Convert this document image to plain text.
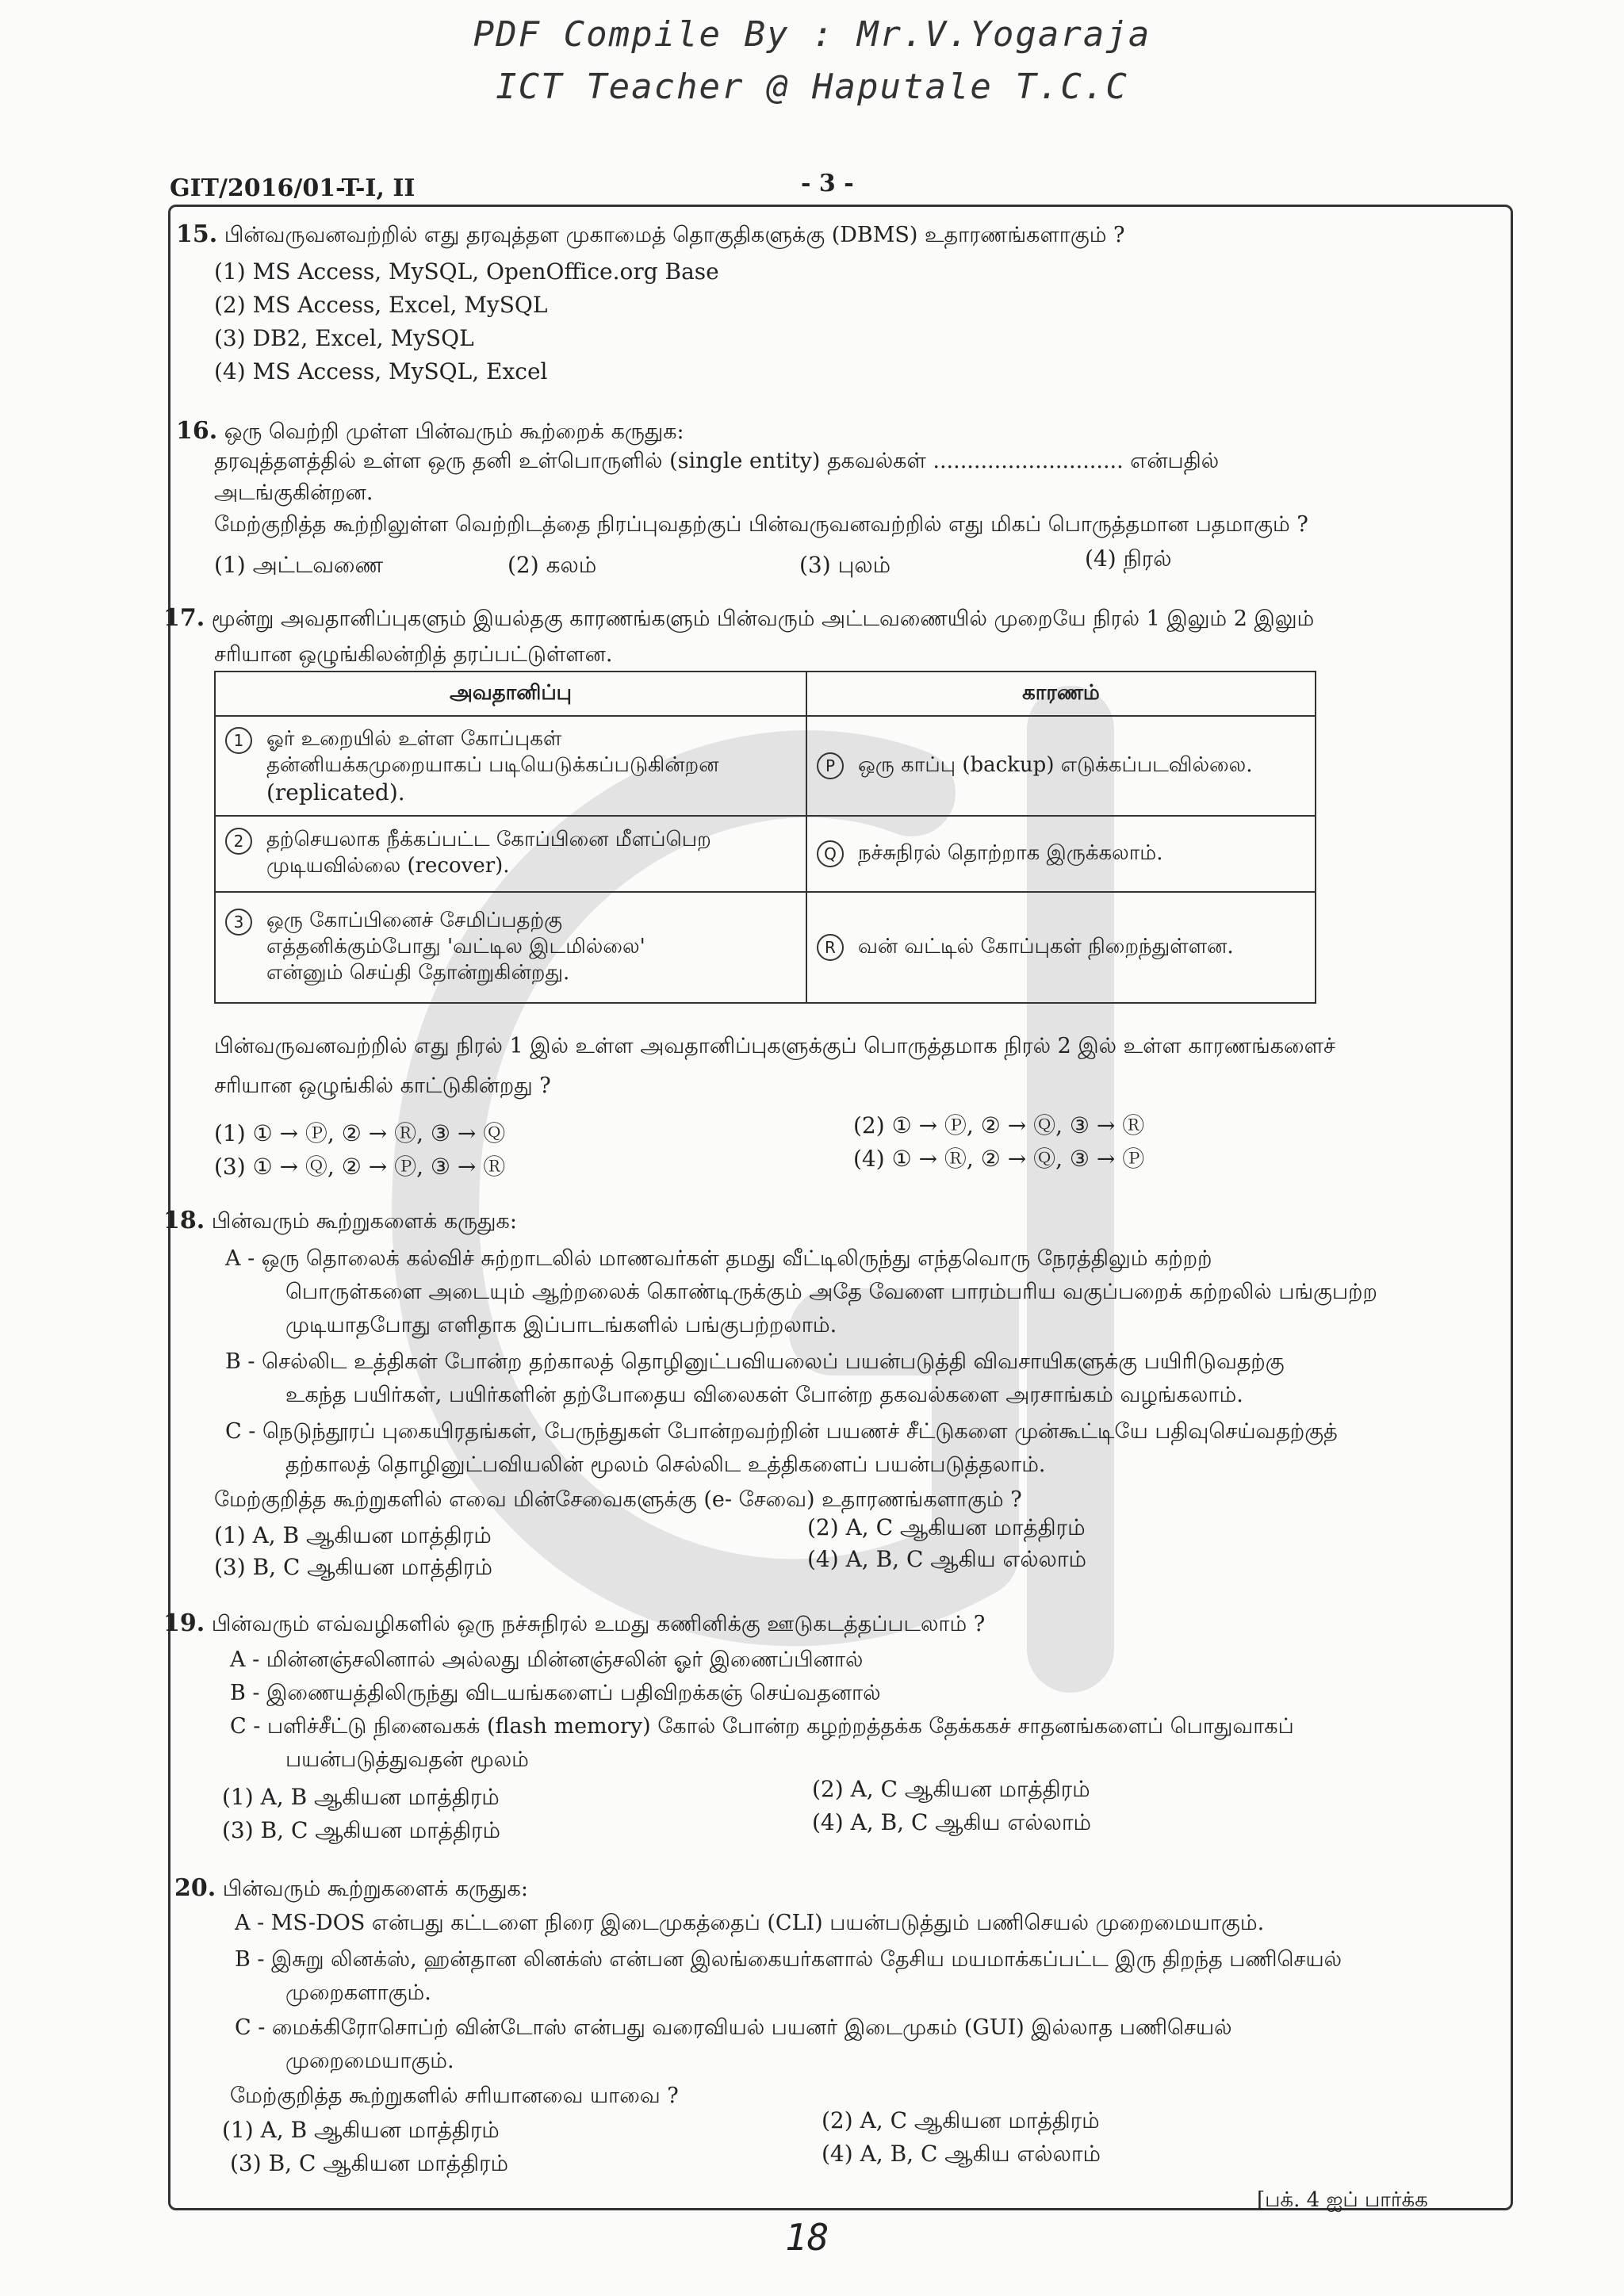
PDF Compile By : Mr.V.Yogaraja
ICT Teacher @ Haputale T.C.C
GIT/2016/01-T-I, II	- 3 -
15. பின்வருவனவற்றில் எது தரவுத்தள முகாமைத் தொகுதிகளுக்கு (DBMS) உதாரணங்களாகும் ?
(1) MS Access, MySQL, OpenOffice.org Base
(2) MS Access, Excel, MySQL
(3) DB2, Excel, MySQL
(4) MS Access, MySQL, Excel
16. ஒரு வெற்றி முள்ள பின்வரும் கூற்றைக் கருதுக:
தரவுத்தளத்தில் உள்ள ஒரு தனி உள்பொருளில் (single entity) தகவல்கள் ............................ என்பதில்
அடங்குகின்றன.
மேற்குறித்த கூற்றிலுள்ள வெற்றிடத்தை நிரப்புவதற்குப் பின்வருவனவற்றில் எது மிகப் பொருத்தமான பதமாகும் ?
(1) அட்டவணை	(2) கலம்	(3) புலம்	(4) நிரல்
17. மூன்று அவதானிப்புகளும் இயல்தகு காரணங்களும் பின்வரும் அட்டவணையில் முறையே நிரல் 1 இலும் 2 இலும்
சரியான ஒழுங்கிலன்றித் தரப்பட்டுள்ளன.
அவதானிப்பு	காரணம்

1 ஓர் உறையில் உள்ள கோப்புகள்
தன்னியக்கமுறையாகப் படியெடுக்கப்படுகின்றன
(replicated).	P ஒரு காப்பு (backup) எடுக்கப்படவில்லை.

2 தற்செயலாக நீக்கப்பட்ட கோப்பினை மீளப்பெற
முடியவில்லை (recover).	Q நச்சுநிரல் தொற்றாக இருக்கலாம்.

3 ஒரு கோப்பினைச் சேமிப்பதற்கு
எத்தனிக்கும்போது 'வட்டில இடமில்லை'
என்னும் செய்தி தோன்றுகின்றது.	R வன் வட்டில் கோப்புகள் நிறைந்துள்ளன.
பின்வருவனவற்றில் எது நிரல் 1 இல் உள்ள அவதானிப்புகளுக்குப் பொருத்தமாக நிரல் 2 இல் உள்ள காரணங்களைச்
சரியான ஒழுங்கில் காட்டுகின்றது ?
(1) ① → Ⓟ, ② → Ⓡ, ③ → Ⓠ	(2) ① → Ⓟ, ② → Ⓠ, ③ → Ⓡ
(3) ① → Ⓠ, ② → Ⓟ, ③ → Ⓡ	(4) ① → Ⓡ, ② → Ⓠ, ③ → Ⓟ
18. பின்வரும் கூற்றுகளைக் கருதுக:
A - ஒரு தொலைக் கல்விச் சுற்றாடலில் மாணவர்கள் தமது வீட்டிலிருந்து எந்தவொரு நேரத்திலும் கற்றற்
பொருள்களை அடையும் ஆற்றலைக் கொண்டிருக்கும் அதே வேளை பாரம்பரிய வகுப்பறைக் கற்றலில் பங்குபற்ற
முடியாதபோது எளிதாக இப்பாடங்களில் பங்குபற்றலாம்.
B - செல்லிட உத்திகள் போன்ற தற்காலத் தொழினுட்பவியலைப் பயன்படுத்தி விவசாயிகளுக்கு பயிரிடுவதற்கு
உகந்த பயிர்கள், பயிர்களின் தற்போதைய விலைகள் போன்ற தகவல்களை அரசாங்கம் வழங்கலாம்.
C - நெடுந்தூரப் புகையிரதங்கள், பேருந்துகள் போன்றவற்றின் பயணச் சீட்டுகளை முன்கூட்டியே பதிவுசெய்வதற்குத்
தற்காலத் தொழினுட்பவியலின் மூலம் செல்லிட உத்திகளைப் பயன்படுத்தலாம்.
மேற்குறித்த கூற்றுகளில் எவை மின்சேவைகளுக்கு (e- சேவை) உதாரணங்களாகும் ?
(1) A, B ஆகியன மாத்திரம்	(2) A, C ஆகியன மாத்திரம்
(3) B, C ஆகியன மாத்திரம்	(4) A, B, C ஆகிய எல்லாம்
19. பின்வரும் எவ்வழிகளில் ஒரு நச்சுநிரல் உமது கணினிக்கு ஊடுகடத்தப்படலாம் ?
A - மின்னஞ்சலினால் அல்லது மின்னஞ்சலின் ஓர் இணைப்பினால்
B - இணையத்திலிருந்து விடயங்களைப் பதிவிறக்கஞ் செய்வதனால்
C - பளிச்சீட்டு நினைவகக் (flash memory) கோல் போன்ற கழற்றத்தக்க தேக்ககச் சாதனங்களைப் பொதுவாகப்
பயன்படுத்துவதன் மூலம்
(1) A, B ஆகியன மாத்திரம்	(2) A, C ஆகியன மாத்திரம்
(3) B, C ஆகியன மாத்திரம்	(4) A, B, C ஆகிய எல்லாம்
20. பின்வரும் கூற்றுகளைக் கருதுக:
A - MS-DOS என்பது கட்டளை நிரை இடைமுகத்தைப் (CLI) பயன்படுத்தும் பணிசெயல் முறைமையாகும்.
B - இசுறு லினக்ஸ், ஹன்தான லினக்ஸ் என்பன இலங்கையர்களால் தேசிய மயமாக்கப்பட்ட இரு திறந்த பணிசெயல்
முறைகளாகும்.
C - மைக்கிரோசொப்ற் வின்டோஸ் என்பது வரைவியல் பயனர் இடைமுகம் (GUI) இல்லாத பணிசெயல்
முறைமையாகும்.
மேற்குறித்த கூற்றுகளில் சரியானவை யாவை ?
(1) A, B ஆகியன மாத்திரம்	(2) A, C ஆகியன மாத்திரம்
(3) B, C ஆகியன மாத்திரம்	(4) A, B, C ஆகிய எல்லாம்
18
[பக். 4 ஐப் பார்க்க
